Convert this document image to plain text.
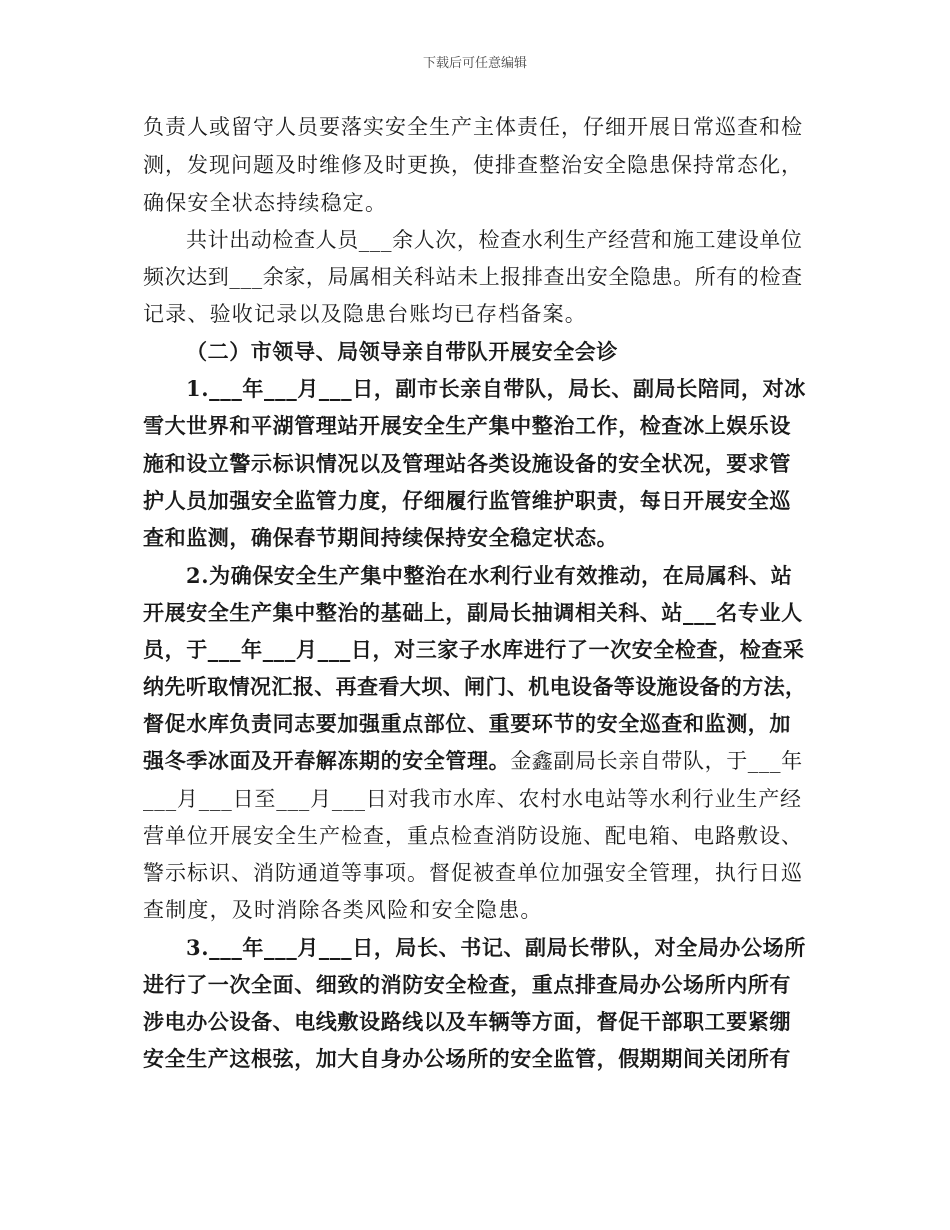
下载后可任意编辑
负责人或留守人员要落实安全生产主体责任，仔细开展日常巡查和检
测，发现问题及时维修及时更换，使排查整治安全隐患保持常态化，
确保安全状态持续稳定。
共计出动检查人员___余人次，检查水利生产经营和施工建设单位
频次达到___余家，局属相关科站未上报排查出安全隐患。所有的检查
记录、验收记录以及隐患台账均已存档备案。
（二）市领导、局领导亲自带队开展安全会诊
1.___年___月___日，副市长亲自带队，局长、副局长陪同，对冰
雪大世界和平湖管理站开展安全生产集中整治工作，检查冰上娱乐设
施和设立警示标识情况以及管理站各类设施设备的安全状况，要求管
护人员加强安全监管力度，仔细履行监管维护职责，每日开展安全巡
查和监测，确保春节期间持续保持安全稳定状态。
2.为确保安全生产集中整治在水利行业有效推动，在局属科、站
开展安全生产集中整治的基础上，副局长抽调相关科、站___名专业人
员，于___年___月___日，对三家子水库进行了一次安全检查，检查采
纳先听取情况汇报、再查看大坝、闸门、机电设备等设施设备的方法，
督促水库负责同志要加强重点部位、重要环节的安全巡查和监测，加
强冬季冰面及开春解冻期的安全管理。金鑫副局长亲自带队，于___年
___月___日至___月___日对我市水库、农村水电站等水利行业生产经
营单位开展安全生产检查，重点检查消防设施、配电箱、电路敷设、
警示标识、消防通道等事项。督促被查单位加强安全管理，执行日巡
查制度，及时消除各类风险和安全隐患。
3.___年___月___日，局长、书记、副局长带队，对全局办公场所
进行了一次全面、细致的消防安全检查，重点排查局办公场所内所有
涉电办公设备、电线敷设路线以及车辆等方面，督促干部职工要紧绷
安全生产这根弦，加大自身办公场所的安全监管，假期期间关闭所有
